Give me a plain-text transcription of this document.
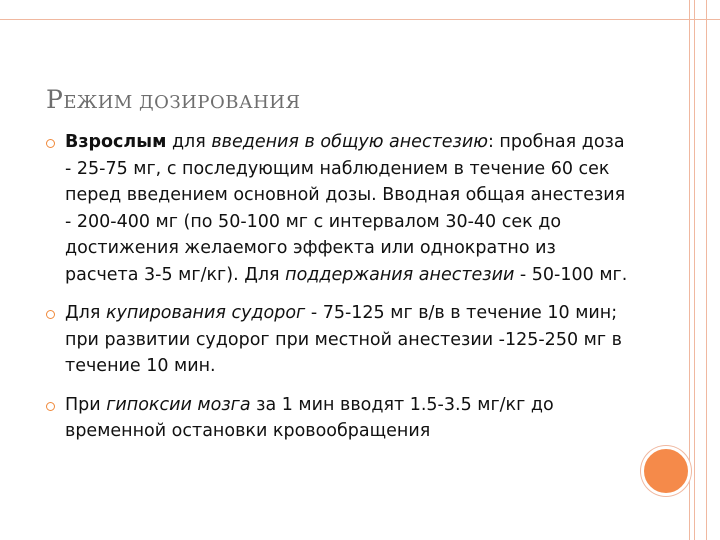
РЕЖИМ ДОЗИРОВАНИЯ
Взрослым для введения в общую анестезию: пробная доза - 25-75 мг, с последующим наблюдением в течение 60 сек перед введением основной дозы. Вводная общая анестезия - 200-400 мг (по 50-100 мг с интервалом 30-40 сек до достижения желаемого эффекта или однократно из расчета 3-5 мг/кг). Для поддержания анестезии - 50-100 мг.
Для купирования судорог - 75-125 мг в/в в течение 10 мин; при развитии судорог при местной анестезии -125-250 мг в течение 10 мин.
При гипоксии мозга за 1 мин вводят 1.5-3.5 мг/кг до временной остановки кровообращения
